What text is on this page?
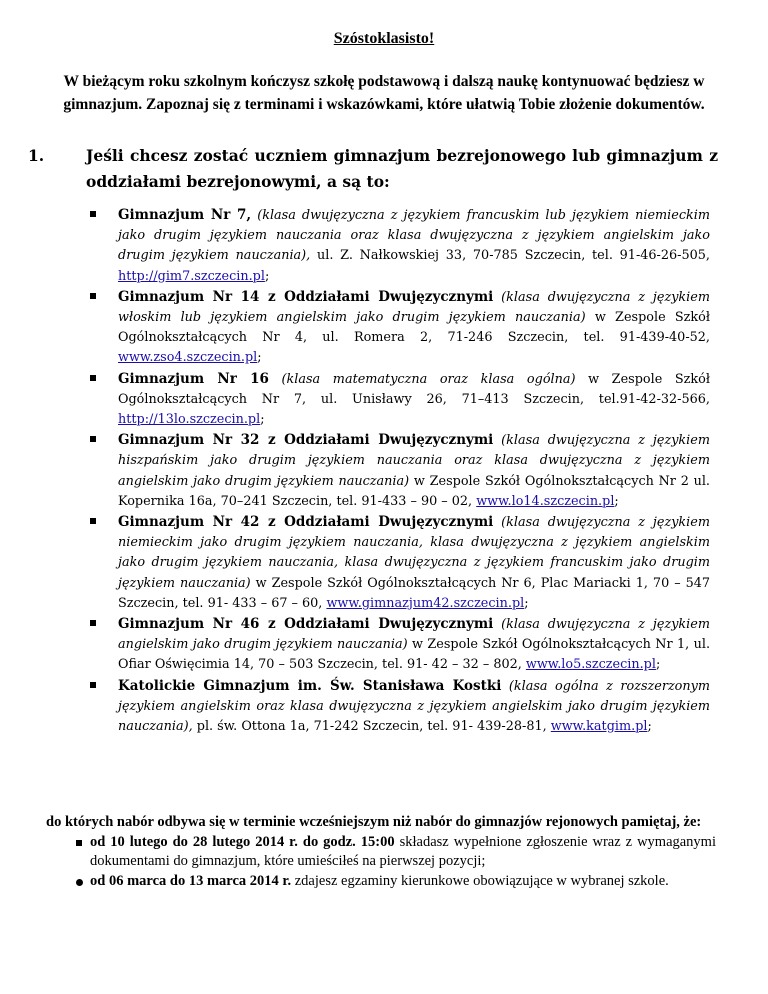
Szóstoklasisto!
W bieżącym roku szkolnym kończysz szkołę podstawową i dalszą naukę kontynuować będziesz w gimnazjum. Zapoznaj się z terminami i wskazówkami, które ułatwią Tobie złożenie dokumentów.
1.	Jeśli chcesz zostać uczniem gimnazjum bezrejonowego lub gimnazjum z oddziałami bezrejonowymi, a są to:
Gimnazjum Nr 7, (klasa dwujęzyczna z językiem francuskim lub językiem niemieckim jako drugim językiem nauczania oraz klasa dwujęzyczna z językiem angielskim jako drugim językiem nauczania), ul. Z. Nałkowskiej 33, 70-785 Szczecin, tel. 91-46-26-505, http://gim7.szczecin.pl;
Gimnazjum Nr 14 z Oddziałami Dwujęzycznymi (klasa dwujęzyczna z językiem włoskim lub językiem angielskim jako drugim językiem nauczania) w Zespole Szkół Ogólnokształcących Nr 4, ul. Romera 2, 71-246 Szczecin, tel. 91-439-40-52, www.zso4.szczecin.pl;
Gimnazjum Nr 16 (klasa matematyczna oraz klasa ogólna) w Zespole Szkół Ogólnokształcących Nr 7, ul. Unisławy 26, 71–413 Szczecin, tel.91-42-32-566, http://13lo.szczecin.pl;
Gimnazjum Nr 32 z Oddziałami Dwujęzycznymi (klasa dwujęzyczna z językiem hiszpańskim jako drugim językiem nauczania oraz klasa dwujęzyczna z językiem angielskim jako drugim językiem nauczania) w Zespole Szkół Ogólnokształcących Nr 2 ul. Kopernika 16a, 70–241 Szczecin, tel. 91-433 – 90 – 02, www.lo14.szczecin.pl;
Gimnazjum Nr 42 z Oddziałami Dwujęzycznymi (klasa dwujęzyczna z językiem niemieckim jako drugim językiem nauczania, klasa dwujęzyczna z językiem angielskim jako drugim językiem nauczania, klasa dwujęzyczna z językiem francuskim jako drugim językiem nauczania) w Zespole Szkół Ogólnokształcących Nr 6, Plac Mariacki 1, 70 – 547 Szczecin, tel. 91- 433 – 67 – 60, www.gimnazjum42.szczecin.pl;
Gimnazjum Nr 46 z Oddziałami Dwujęzycznymi (klasa dwujęzyczna z językiem angielskim jako drugim językiem nauczania) w Zespole Szkół Ogólnokształcących Nr 1, ul. Ofiar Oświęcimia 14, 70 – 503 Szczecin, tel. 91- 42 – 32 – 802, www.lo5.szczecin.pl;
Katolickie Gimnazjum im. Św. Stanisława Kostki (klasa ogólna z rozszerzonym językiem angielskim oraz klasa dwujęzyczna z językiem angielskim jako drugim językiem nauczania), pl. św. Ottona 1a, 71-242 Szczecin, tel. 91- 439-28-81, www.katgim.pl;
do których nabór odbywa się w terminie wcześniejszym niż nabór do gimnazjów rejonowych pamiętaj, że:
od 10 lutego do 28 lutego 2014 r. do godz. 15:00 składasz wypełnione zgłoszenie wraz z wymaganymi dokumentami do gimnazjum, które umieściłeś na pierwszej pozycji;
od 06 marca do 13 marca 2014 r. zdajesz egzaminy kierunkowe obowiązujące w wybranej szkole.
